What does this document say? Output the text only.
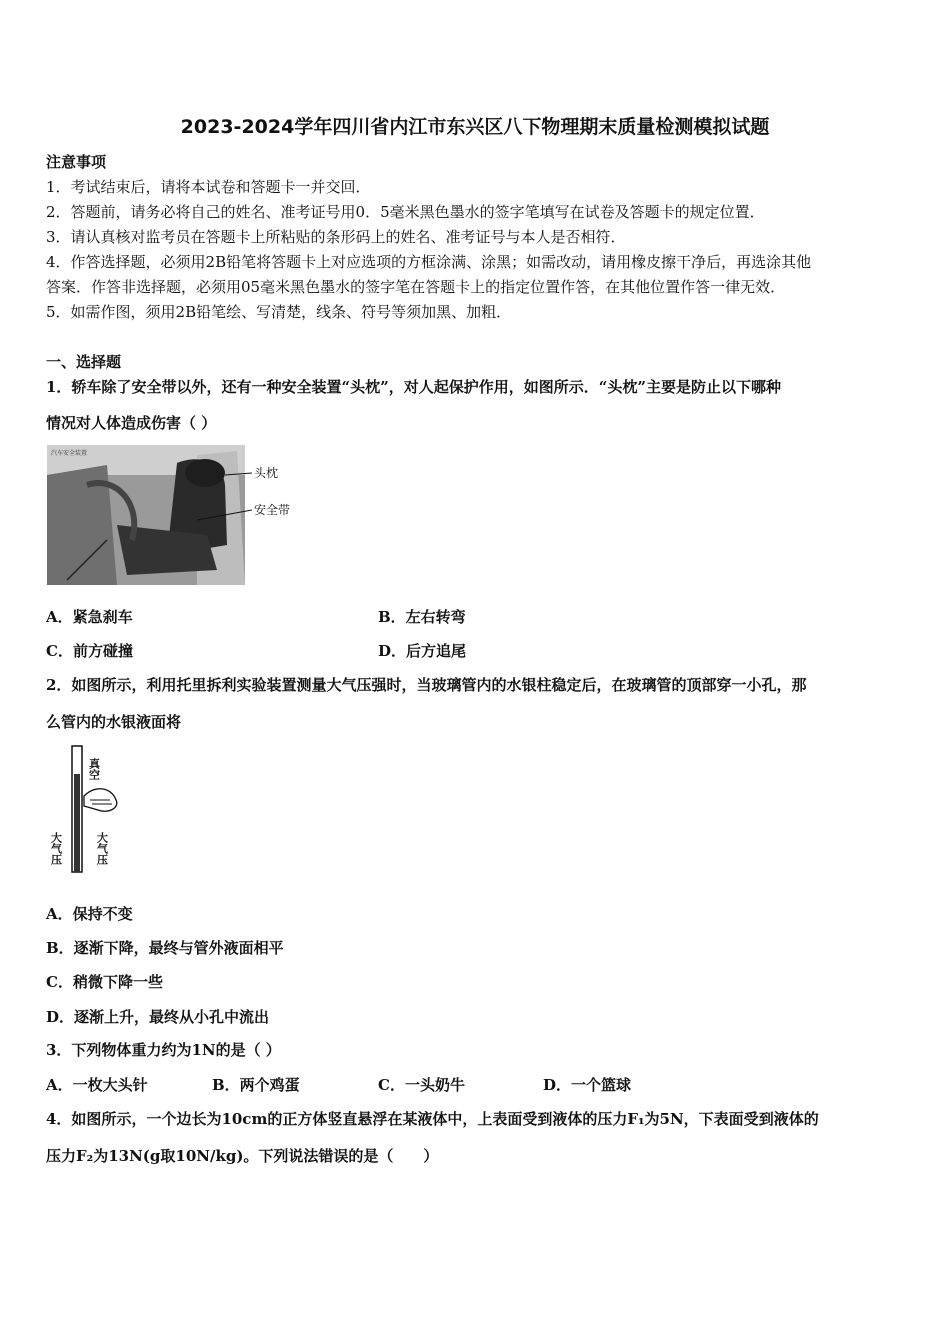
2023-2024学年四川省内江市东兴区八下物理期末质量检测模拟试题
注意事项
1．考试结束后，请将本试卷和答题卡一并交回．
2．答题前，请务必将自己的姓名、准考证号用0．5毫米黑色墨水的签字笔填写在试卷及答题卡的规定位置．
3．请认真核对监考员在答题卡上所粘贴的条形码上的姓名、准考证号与本人是否相符．
4．作答选择题，必须用2B铅笔将答题卡上对应选项的方框涂满、涂黑；如需改动，请用橡皮擦干净后，再选涂其他
答案．作答非选择题，必须用05毫米黑色墨水的签字笔在答题卡上的指定位置作答，在其他位置作答一律无效．
5．如需作图，须用2B铅笔绘、写清楚，线条、符号等须加黑、加粗．
一、选择题
1．轿车除了安全带以外，还有一种安全装置“头枕”，对人起保护作用，如图所示．“头枕”主要是防止以下哪种
情况对人体造成伤害（ ）
汽车安全装置
头枕
安全带
A．紧急刹车	B．左右转弯
C．前方碰撞	D．后方追尾
2．如图所示，利用托里拆利实验装置测量大气压强时，当玻璃管内的水银柱稳定后，在玻璃管的顶部穿一小孔，那
么管内的水银液面将
真空
大气压	大气压
A．保持不变
B．逐渐下降，最终与管外液面相平
C．稍微下降一些
D．逐渐上升，最终从小孔中流出
3．下列物体重力约为1N的是（ ）
A．一枚大头针	B．两个鸡蛋	C．一头奶牛	D．一个篮球
4．如图所示，一个边长为10cm的正方体竖直悬浮在某液体中，上表面受到液体的压力F₁为5N，下表面受到液体的
压力F₂为13N(g取10N/kg)。下列说法错误的是（　　）
